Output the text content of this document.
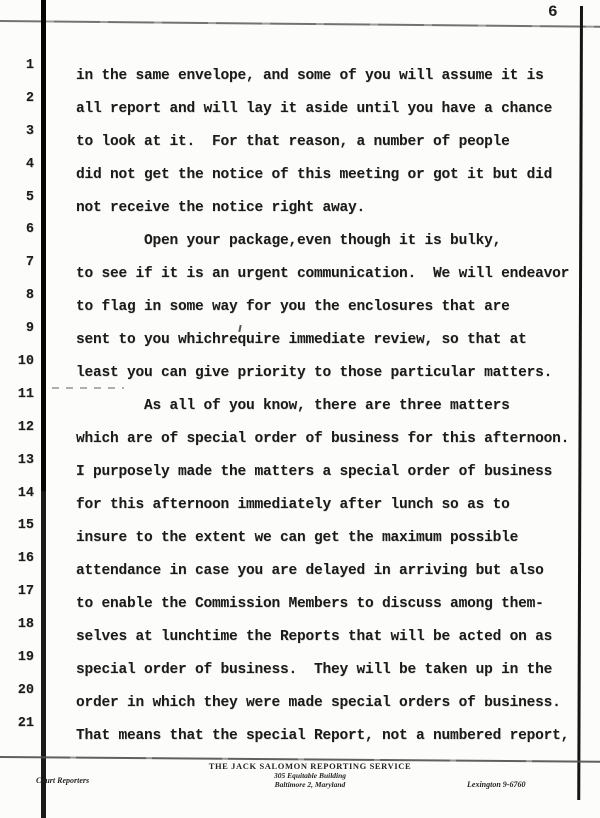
6
1
2
3
4
5
6
7
8
9
10
11
12
13
14
15
16
17
18
19
20
21
in the same envelope, and some of you will assume it is
all report and will lay it aside until you have a chance
to look at it.  For that reason, a number of people
did not get the notice of this meeting or got it but did
not receive the notice right away.
Open your package,even though it is bulky,
to see if it is an urgent communication.  We will endeavor
to flag in some way for you the enclosures that are
sent to you whichrequire immediate review, so that at
least you can give priority to those particular matters.
As all of you know, there are three matters
which are of special order of business for this afternoon.
I purposely made the matters a special order of business
for this afternoon immediately after lunch so as to
insure to the extent we can get the maximum possible
attendance in case you are delayed in arriving but also
to enable the Commission Members to discuss among them-
selves at lunchtime the Reports that will be acted on as
special order of business.  They will be taken up in the
order in which they were made special orders of business.
That means that the special Report, not a numbered report,
Court Reporters
THE JACK SALOMON REPORTING SERVICE
305 Equitable Building
Baltimore 2, Maryland	Lexington 9-6760
